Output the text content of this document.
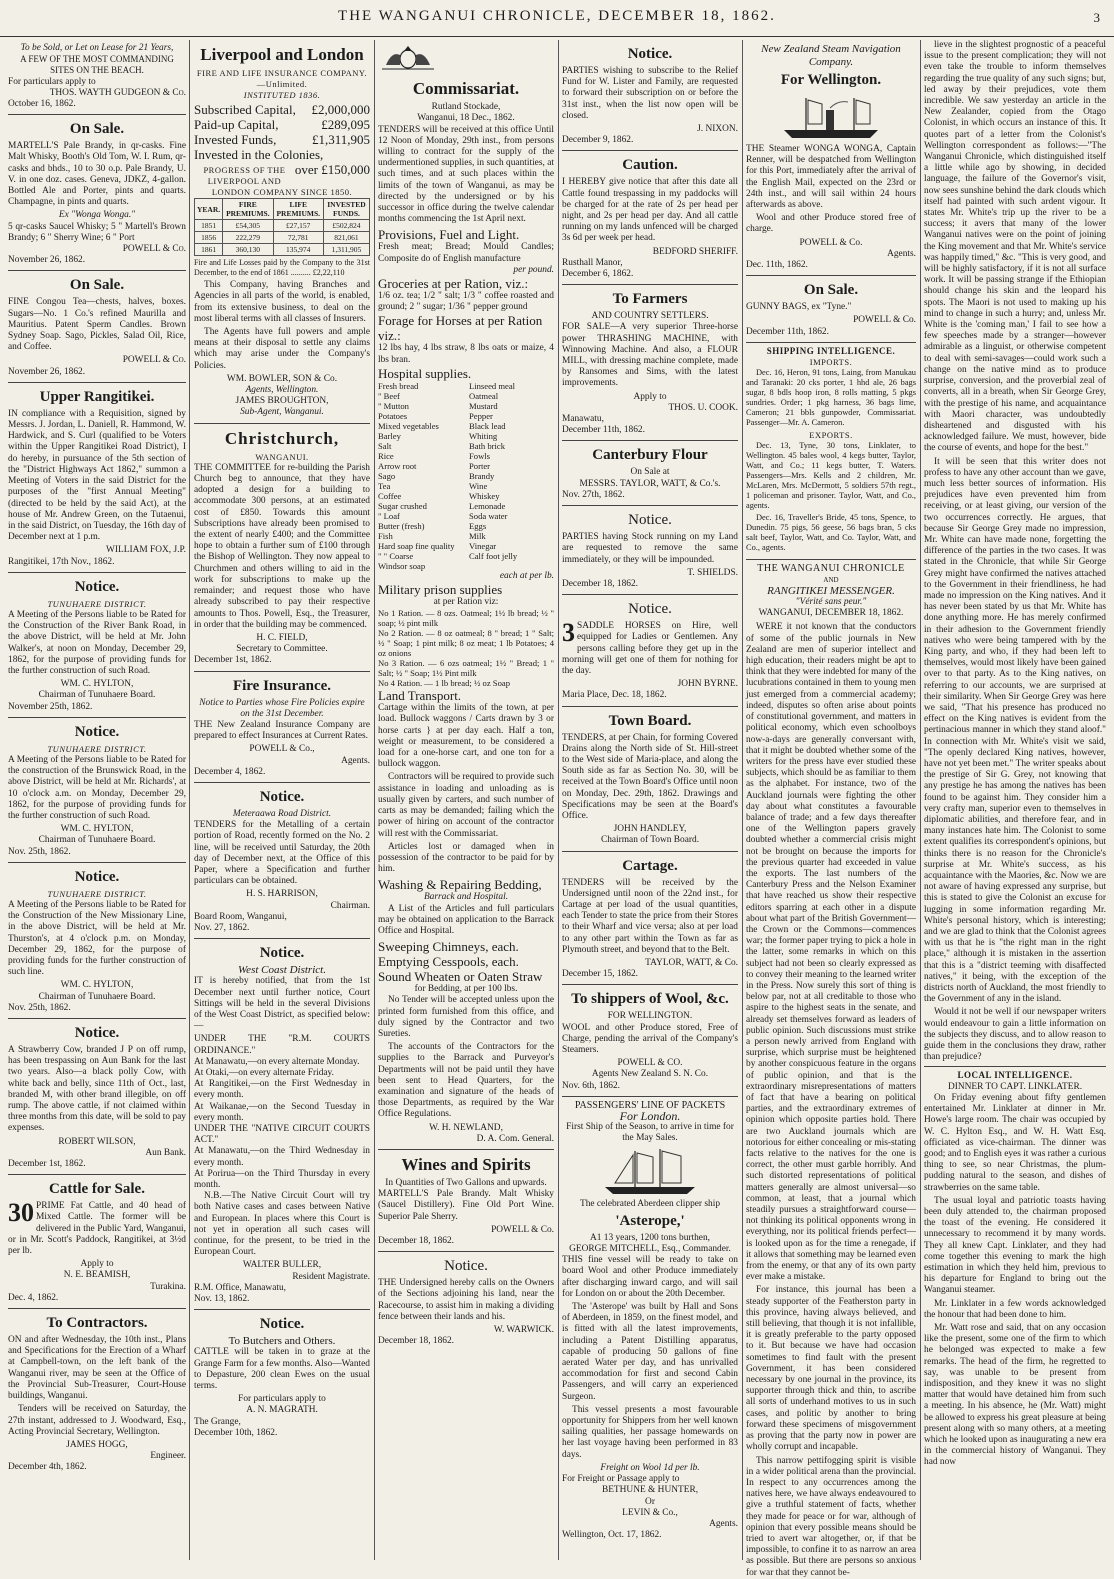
THE WANGANUI CHRONICLE, DECEMBER 18, 1862.	3
To be Sold, or Let on Lease for 21 Years,
A FEW OF THE MOST COMMANDING SITES ON THE BEACH.
For particulars apply to
THOS. WAYTH GUDGEON & Co.
October 16, 1862.
On Sale.

MARTELL'S Pale Brandy, in qr-casks. Fine Malt Whisky, Booth's Old Tom, W. I. Rum, qr-casks and bhds., 10 to 30 o.p. Pale Brandy, U. V. in one doz. cases. Geneva, JDKZ, 4-gallon. Bottled Ale and Porter, pints and quarts. Champagne, in pints and quarts.

Ex "Wonga Wonga."
5 qr-casks Saucel Whisky; 5 " Martell's Brown Brandy; 6 " Sherry Wine; 6 " Port
POWELL & Co.
November 26, 1862.
On Sale.

FINE Congou Tea—chests, halves, boxes. Sugars—No. 1 Co.'s refined Maurilla and Mauritius. Patent Sperm Candles. Brown Sydney Soap. Sago, Pickles, Salad Oil, Rice, and Coffee.

POWELL & Co.
November 26, 1862.
Upper Rangitikei.

IN compliance with a Requisition, signed by Messrs. J. Jordan, L. Daniell, R. Hammond, W. Hardwick, and S. Curl (qualified to be Voters within the Upper Rangitikei Road District), I do hereby, in pursuance of the 5th section of the "District Highways Act 1862," summon a Meeting of Voters in the said District for the purposes of the "first Annual Meeting" (directed to be held by the said Act), at the house of Mr. Andrew Green, on the Tutaenui, in the said District, on Tuesday, the 16th day of December next at 1 p.m.

WILLIAM FOX, J.P.
Rangitikei, 17th Nov., 1862.
Notice.
TUNUHAERE DISTRICT.

A Meeting of the Persons liable to be Rated for the Construction of the River Bank Road, in the above District, will be held at Mr. John Walker's, at noon on Monday, December 29, 1862, for the purpose of providing funds for the further construction of such Road.

WM. C. HYLTON,
Chairman of Tunuhaere Board.
November 25th, 1862.
Notice.
TUNUHAERE DISTRICT.

A Meeting of the Persons liable to be Rated for the construction of the Brunswick Road, in the above District, will be held at Mr. Richards', at 10 o'clock a.m. on Monday, December 29, 1862, for the purpose of providing funds for the further construction of such Road.

WM. C. HYLTON,
Chairman of Tunuhaere Board.
Nov. 25th, 1862.
Notice.
TUNUHAERE DISTRICT.

A Meeting of the Persons liable to be Rated for the Construction of the New Missionary Line, in the above District, will be held at Mr. Thurston's, at 4 o'clock p.m. on Monday, December 29, 1862, for the purpose of providing funds for the further construction of such line.

WM. C. HYLTON,
Chairman of Tunuhaere Board.
Nov. 25th, 1862.
Notice.

A Strawberry Cow, branded J P on off rump, has been trespassing on Aun Bank for the last two years. Also—a black polly Cow, with white back and belly, since 11th of Oct., last, branded M, with other brand illegible, on off rump. The above cattle, if not claimed within three months from this date, will be sold to pay expenses.

ROBERT WILSON,
Aun Bank.
December 1st, 1862.
Cattle for Sale.
30 PRIME Fat Cattle, and 40 head of Mixed Cattle. The former will be delivered in the Public Yard, Wanganui, or in Mr. Scott's Paddock, Rangitikei, at 3½d per lb.

Apply to
N. E. BEAMISH,
Turakina.
Dec. 4, 1862.
To Contractors.

ON and after Wednesday, the 10th inst., Plans and Specifications for the Erection of a Wharf at Campbell-town, on the left bank of the Wanganui river, may be seen at the Office of the Provincial Sub-Treasurer, Court-House buildings, Wanganui.

Tenders will be received on Saturday, the 27th instant, addressed to J. Woodward, Esq., Acting Provincial Secretary, Wellington.

JAMES HOGG,
Engineer.
December 4th, 1862.
Liverpool and London
FIRE AND LIFE INSURANCE COMPANY.—Unlimited.
INSTITUTED 1836.
Subscribed Capital, £2,000,000
Paid-up Capital,	£289,095
Invested Funds,	£1,311,905
Invested in the Colonies,
over £150,000
PROGRESS OF THE LIVERPOOL AND LONDON COMPANY SINCE 1850.
YEAR.	FIRE PREMIUMS.	LIFE PREMIUMS.	INVESTED FUNDS.
1851	£54,305	£27,157	£502,824
1856	222,279	72,781	821,061
1861	360,130	135,974	1,311,905
Fire and Life Losses paid by the Company to the 31st December, to the end of 1861 .......... £2,22,110

This Company, having Branches and Agencies in all parts of the world, is enabled, from its extensive business, to deal on the most liberal terms with all classes of Insurers.

The Agents have full powers and ample means at their disposal to settle any claims which may arise under the Company's Policies.

WM. BOWLER, SON & Co.
Agents, Wellington.
JAMES BROUGHTON,
Sub-Agent, Wanganui.
Christchurch,
WANGANUI.

THE COMMITTEE for re-building the Parish Church beg to announce, that they have adopted a design for a building to accommodate 300 persons, at an estimated cost of £850. Towards this amount Subscriptions have already been promised to the extent of nearly £400; and the Committee hope to obtain a further sum of £100 through the Bishop of Wellington. They now appeal to Churchmen and others willing to aid in the work for subscriptions to make up the remainder; and request those who have already subscribed to pay their respective amounts to Thos. Powell, Esq., the Treasurer, in order that the building may be commenced.

H. C. FIELD,
Secretary to Committee.
December 1st, 1862.
Fire Insurance.
Notice to Parties whose Fire Policies expire on the 31st December.

THE New Zealand Insurance Company are prepared to effect Insurances at Current Rates.

POWELL & Co.,
Agents.
December 4, 1862.
Notice.
Meteraawa Road District.

TENDERS for the Metalling of a certain portion of Road, recently formed on the No. 2 line, will be received until Saturday, the 20th day of December next, at the Office of this Paper, where a Specification and further particulars can be obtained.

H. S. HARRISON,
Chairman.
Board Room, Wanganui,
Nov. 27, 1862.
Notice.
West Coast District.

IT is hereby notified, that from the 1st December next until further notice, Court Sittings will be held in the several Divisions of the West Coast District, as specified below:—

UNDER THE "R.M. COURTS ORDINANCE."
At Manawatu,—on every alternate Monday.
At Otaki,—on every alternate Friday.
At Rangitikei,—on the First Wednesday in every month.
At Waikanae,—on the Second Tuesday in every month.
UNDER THE "NATIVE CIRCUIT COURTS ACT."
At Manawatu,—on the Third Wednesday in every month.
At Porirua—on the Third Thursday in every month.

N.B.—The Native Circuit Court will try both Native cases and cases between Native and European. In places where this Court is not yet in operation all such cases will continue, for the present, to be tried in the European Court.

WALTER BULLER,
Resident Magistrate.
R.M. Office, Manawatu,
Nov. 13, 1862.
Notice.
To Butchers and Others.

CATTLE will be taken in to graze at the Grange Farm for a few months. Also—Wanted to Depasture, 200 clean Ewes on the usual terms.

For particulars apply to
A. N. MAGRATH.
The Grange,
December 10th, 1862.
Commissariat.
Rutland Stockade,
Wanganui, 18 Dec., 1862.

TENDERS will be received at this office Until 12 Noon of Monday, 29th inst., from persons willing to contract for the supply of the undermentioned supplies, in such quantities, at such times, and at such places within the limits of the town of Wanganui, as may be directed by the undersigned or by his successor in office during the twelve calendar months commencing the 1st April next.

Provisions, Fuel and Light.
Fresh meat; Bread; Mould Candles; Composite do of English manufacture
per pound.
Groceries at per Ration, viz.:
1/6 oz. tea; 1/2 " salt; 1/3 " coffee roasted and ground; 2 " sugar; 1/36 " pepper ground
Forage for Horses at per Ration viz.:
12 lbs hay, 4 lbs straw, 8 lbs oats or maize, 4 lbs bran.
Hospital supplies.
Fresh bread
" Beef
" Mutton
Potatoes
Mixed vegetables
Barley
Salt
Rice
Arrow root
Sago
Tea
Coffee
Sugar crushed
" Loaf
Butter (fresh)
Fish
Hard soap fine quality
" " Coarse
Windsor soap
Linseed meal
Oatmeal
Mustard
Pepper
Black lead
Whiting
Bath brick
Fowls
Porter
Brandy
Wine
Whiskey
Lemonade
Soda water
Eggs
Milk
Vinegar
Calf foot jelly
each at per lb.
Military prison supplies
at per Ration viz:
No 1 Ration. — 8 ozs. Oatmeal; 1½ lb bread; ½ " soap; ½ pint milk
No 2 Ration. — 8 oz oatmeal; 8 " bread; 1 " Salt; ½ " Soap; 1 pint milk; 8 oz meat; 1 lb Potatoes; 4 oz onions
No 3 Ration. — 6 ozs oatmeal; 1½ " Bread; 1 " Salt; ½ " Soap; 1½ Pint milk
No 4 Ration. — 1 lb bread; ½ oz Soap
Land Transport.

Cartage within the limits of the town, at per load. Bullock waggons / Carts drawn by 3 or horse carts } at per day each. Half a ton, weight or measurement, to be considered a load for a one-horse cart, and one ton for a bullock waggon.

Contractors will be required to provide such assistance in loading and unloading as is usually given by carters, and such number of carts as may be demanded; failing which the power of hiring on account of the contractor will rest with the Commissariat.

Articles lost or damaged when in possession of the contractor to be paid for by him.

Washing & Repairing Bedding,
Barrack and Hospital.

A List of the Articles and full particulars may be obtained on application to the Barrack Office and Hospital.

Sweeping Chimneys, each.
Emptying Cesspools, each.
Sound Wheaten or Oaten Straw
for Bedding, at per 100 lbs.

No Tender will be accepted unless upon the printed form furnished from this office, and duly signed by the Contractor and two Sureties.

The accounts of the Contractors for the supplies to the Barrack and Purveyor's Departments will not be paid until they have been sent to Head Quarters, for the examination and signature of the heads of those Departments, as required by the War Office Regulations.

W. H. NEWLAND,
D. A. Com. General.
Wines and Spirits
In Quantities of Two Gallons and upwards.

MARTELL'S Pale Brandy. Malt Whisky (Saucel Distillery). Fine Old Port Wine. Superior Pale Sherry.

POWELL & Co.
December 18, 1862.
Notice.

THE Undersigned hereby calls on the Owners of the Sections adjoining his land, near the Racecourse, to assist him in making a dividing fence between their lands and his.

W. WARWICK.
December 18, 1862.
Notice.

PARTIES wishing to subscribe to the Relief Fund for W. Lister and Family, are requested to forward their subscription on or before the 31st inst., when the list now open will be closed.

J. NIXON.
December 9, 1862.
Caution.

I HEREBY give notice that after this date all Cattle found trespassing in my paddocks will be charged for at the rate of 2s per head per night, and 2s per head per day. And all cattle running on my lands unfenced will be charged 3s 6d per week per head.

BEDFORD SHERIFF.
Rusthall Manor,
December 6, 1862.
To Farmers
AND COUNTRY SETTLERS.

FOR SALE—A very superior Three-horse power THRASHING MACHINE, with Winnowing Machine. And also, a FLOUR MILL, with dressing machine complete, made by Ransomes and Sims, with the latest improvements.

Apply to
THOS. U. COOK.
Manawatu,
December 11th, 1862.
Canterbury Flour
On Sale at
MESSRS. TAYLOR, WATT, & Co.'s.
Nov. 27th, 1862.
Notice.

PARTIES having Stock running on my Land are requested to remove the same immediately, or they will be impounded.

T. SHIELDS.
December 18, 1862.
Notice.
3 SADDLE HORSES on Hire, well equipped for Ladies or Gentlemen. Any persons calling before they get up in the morning will get one of them for nothing for the day.

JOHN BYRNE.
Maria Place, Dec. 18, 1862.
Town Board.

TENDERS, at per Chain, for forming Covered Drains along the North side of St. Hill-street to the West side of Maria-place, and along the South side as far as Section No. 30, will be received at the Town Board's Office until noon on Monday, Dec. 29th, 1862. Drawings and Specifications may be seen at the Board's Office.

JOHN HANDLEY,
Chairman of Town Board.
Cartage.

TENDERS will be received by the Undersigned until noon of the 22nd inst., for Cartage at per load of the usual quantities, each Tender to state the price from their Stores to their Wharf and vice versa; also at per load to any other part within the Town as far as Plymouth street, and beyond that to the Belt.

TAYLOR, WATT, & Co.
December 15, 1862.
To shippers of Wool, &c.
FOR WELLINGTON.

WOOL and other Produce stored, Free of Charge, pending the arrival of the Company's Steamers.

POWELL & CO.
Agents New Zealand S. N. Co.
Nov. 6th, 1862.
PASSENGERS' LINE OF PACKETS
For London.
First Ship of the Season, to arrive in time for the May Sales.
The celebrated Aberdeen clipper ship
'Asterope,'
A1 13 years, 1200 tons burthen,
GEORGE MITCHELL, Esq., Commander.

THIS fine vessel will be ready to take on board Wool and other Produce immediately after discharging inward cargo, and will sail for London on or about the 20th December.

The 'Asterope' was built by Hall and Sons of Aberdeen, in 1859, on the finest model, and is fitted with all the latest improvements, including a Patent Distilling apparatus, capable of producing 50 gallons of fine aerated Water per day, and has unrivalled accommodation for first and second Cabin Passengers, and will carry an experienced Surgeon.

This vessel presents a most favourable opportunity for Shippers from her well known sailing qualities, her passage homewards on her last voyage having been performed in 83 days.

Freight on Wool 1d per lb.
For Freight or Passage apply to
BETHUNE & HUNTER,
Or
LEVIN & Co.,
Agents.
Wellington, Oct. 17, 1862.
New Zealand Steam Navigation Company.
For Wellington.

THE Steamer WONGA WONGA, Captain Renner, will be despatched from Wellington for this Port, immediately after the arrival of the English Mail, expected on the 23rd or 24th inst., and will sail within 24 hours afterwards as above.

Wool and other Produce stored free of charge.

POWELL & Co.
Agents.
Dec. 11th, 1862.
On Sale.

GUNNY BAGS, ex "Tyne."

POWELL & Co.
December 11th, 1862.
SHIPPING INTELLIGENCE.
IMPORTS.

Dec. 16, Heron, 91 tons, Laing, from Manukau and Taranaki: 20 cks porter, 1 hhd ale, 26 bags sugar, 8 bdls hoop iron, 8 rolls matting, 5 pkgs sundries. Order; 1 pkg harness, 36 bags lime, Cameron; 21 bbls gunpowder, Commissariat. Passenger—Mr. A. Cameron.

EXPORTS.

Dec. 13, Tyne, 30 tons, Linklater, to Wellington. 45 bales wool, 4 kegs butter, Taylor, Watt, and Co.; 11 kegs butter, T. Waters. Passengers—Mrs. Kells and 2 children, Mr. McLaren, Mrs. McDermott, 5 soldiers 57th regt., 1 policeman and prisoner. Taylor, Watt, and Co., agents.

Dec. 16, Traveller's Bride, 45 tons, Spence, to Dunedin. 75 pigs, 56 geese, 56 bags bran, 5 cks salt beef, Taylor, Watt, and Co. Taylor, Watt, and Co., agents.

THE WANGANUI CHRONICLE
AND
RANGITIKEI MESSENGER.
"Vérité sans peur."
WANGANUI, DECEMBER 18, 1862.

WERE it not known that the conductors of some of the public journals in New Zealand are men of superior intellect and high education, their readers might be apt to think that they were indebted for many of the lucubrations contained in them to young men just emerged from a commercial academy; indeed, disputes so often arise about points of constitutional government, and matters in political economy, which even schoolboys now-a-days are generally conversant with, that it might be doubted whether some of the writers for the press have ever studied these subjects, which should be as familiar to them as the alphabet. For instance, two of the Auckland journals were fighting the other day about what constitutes a favourable balance of trade; and a few days thereafter one of the Wellington papers gravely doubted whether a commercial crisis might not be brought on because the imports for the previous quarter had exceeded in value the exports. The last numbers of the Canterbury Press and the Nelson Examiner that have reached us show their respective editors sparring at each other in a dispute about what part of the British Government—the Crown or the Commons—commences war; the former paper trying to pick a hole in the latter, some remarks in which on this subject had not been so clearly expressed as to convey their meaning to the learned writer in the Press. Now surely this sort of thing is below par, not at all creditable to those who aspire to the highest seats in the senate, and already set themselves forward as leaders of public opinion. Such discussions must strike a person newly arrived from England with surprise, which surprise must be heightened by another conspicuous feature in the organs of public opinion, and that is the extraordinary misrepresentations of matters of fact that have a bearing on political parties, and the extraordinary extremes of opinion which opposite parties hold. There are two Auckland journals which are notorious for either concealing or mis-stating facts relative to the natives for the one is correct, the other must garble horribly. And such distorted representations of political matters generally are almost universal—so common, at least, that a journal which steadily pursues a straightforward course—not thinking its political opponents wrong in everything, nor its political friends perfect—is looked upon as for the time a renegade, if it allows that something may be learned even from the enemy, or that any of its own party ever make a mistake.

For instance, this journal has been a steady supporter of the Featherston party in this province, having always believed, and still believing, that though it is not infallible, it is greatly preferable to the party opposed to it. But because we have had occasion sometimes to find fault with the present Government, it has been considered necessary by one journal in the province, its supporter through thick and thin, to ascribe all sorts of underhand motives to us in such cases, and politic by another to bring forward these specimens of misgovernment as proving that the party now in power are wholly corrupt and incapable.

This narrow pettifogging spirit is visible in a wider political arena than the provincial. In respect to any occurrences among the natives here, we have always endeavoured to give a truthful statement of facts, whether they made for peace or for war, although of opinion that every possible means should be tried to avert war altogether, or, if that be impossible, to confine it to as narrow an area as possible. But there are persons so anxious for war that they cannot be-

lieve in the slightest prognostic of a peaceful issue to the present complication; they will not even take the trouble to inform themselves regarding the true quality of any such signs; but, led away by their prejudices, vote them incredible. We saw yesterday an article in the New Zealander, copied from the Otago Colonist, in which occurs an instance of this. It quotes part of a letter from the Colonist's Wellington correspondent as follows:—"The Wanganui Chronicle, which distinguished itself a little while ago by showing, in decided language, the failure of the Governor's visit, now sees sunshine behind the dark clouds which itself had painted with such ardent vigour. It states Mr. White's trip up the river to be a success; it avers that many of the lower Wanganui natives were on the point of joining the King movement and that Mr. White's service was happily timed," &c. "This is very good, and will be highly satisfactory, if it is not all surface work. It will be passing strange if the Ethiopian should change his skin and the leopard his spots. The Maori is not used to making up his mind to change in such a hurry; and, unless Mr. White is the 'coming man,' I fail to see how a few speeches made by a stranger—however admirable as a linguist, or otherwise competent to deal with semi-savages—could work such a change on the native mind as to produce surprise, conversion, and the proverbial zeal of converts, all in a breath, when Sir George Grey, with the prestige of his name, and acquaintance with Maori character, was undoubtedly disheartened and disgusted with his acknowledged failure. We must, however, bide the course of events, and hope for the best."

It will be seen that this writer does not profess to have any other account than we gave, much less better sources of information. His prejudices have even prevented him from receiving, or at least giving, our version of the two occurrences correctly. He argues, that because Sir George Grey made no impression, Mr. White can have made none, forgetting the difference of the parties in the two cases. It was stated in the Chronicle, that while Sir George Grey might have confirmed the natives attached to the Government in their friendliness, he had made no impression on the King natives. And it has never been stated by us that Mr. White has done anything more. He has merely confirmed in their adhesion to the Government friendly natives who were being tampered with by the King party, and who, if they had been left to themselves, would most likely have been gained over to that party. As to the King natives, on referring to our accounts, we are surprised at their similarity. When Sir George Grey was here we said, "That his presence has produced no effect on the King natives is evident from the pertinacious manner in which they stand aloof." In connection with Mr. White's visit we said, "The openly declared King natives, however, have not yet been met." The writer speaks about the prestige of Sir G. Grey, not knowing that any prestige he has among the natives has been found to be against him. They consider him a very crafty man, superior even to themselves in diplomatic abilities, and therefore fear, and in many instances hate him. The Colonist to some extent qualifies its correspondent's opinions, but thinks there is no reason for the Chronicle's surprise at Mr. White's success, as his acquaintance with the Maories, &c. Now we are not aware of having expressed any surprise, but this is stated to give the Colonist an excuse for lugging in some information regarding Mr. White's personal history, which is interesting; and we are glad to think that the Colonist agrees with us that he is "the right man in the right place," although it is mistaken in the assertion that this is a "district teeming with disaffected natives," it being, with the exception of the districts north of Auckland, the most friendly to the Government of any in the island.

Would it not be well if our newspaper writers would endeavour to gain a little information on the subjects they discuss, and to allow reason to guide them in the conclusions they draw, rather than prejudice?

LOCAL INTELLIGENCE.
DINNER TO CAPT. LINKLATER.

On Friday evening about fifty gentlemen entertained Mr. Linklater at dinner in Mr. Howe's large room. The chair was occupied by W. C. Hylton Esq., and W. H. Watt Esq. officiated as vice-chairman. The dinner was good; and to English eyes it was rather a curious thing to see, so near Christmas, the plum-pudding natural to the season, and dishes of strawberries on the same table.

The usual loyal and patriotic toasts having been duly attended to, the chairman proposed the toast of the evening. He considered it unnecessary to recommend it by many words. They all knew Capt. Linklater, and they had come together this evening to mark the high estimation in which they held him, previous to his departure for England to bring out the Wanganui steamer.

Mr. Linklater in a few words acknowledged the honour that had been done to him.

Mr. Watt rose and said, that on any occasion like the present, some one of the firm to which he belonged was expected to make a few remarks. The head of the firm, he regretted to say, was unable to be present from indisposition, and they knew it was no slight matter that would have detained him from such a meeting. In his absence, he (Mr. Watt) might be allowed to express his great pleasure at being present along with so many others, at a meeting which he looked upon as inaugurating a new era in the commercial history of Wanganui. They had now
